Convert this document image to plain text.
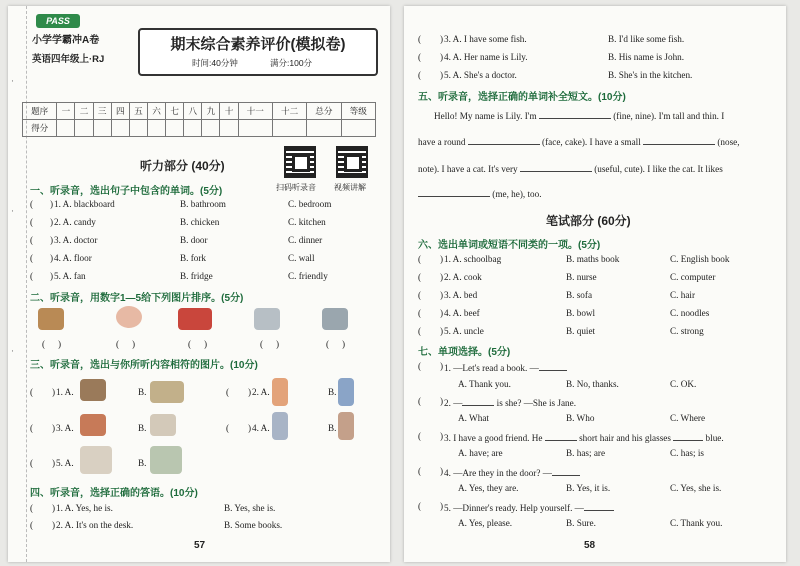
·
·
·
PASS
小学学霸冲A卷
英语四年级上·RJ
期末综合素养评价(模拟卷)
时间:40分钟	满分:100分
题序	一	二	三	四	五	六	七	八	九	十	十一	十二	总分	等级
得分														
听力部分 (40分)
扫码听录音 视频讲解
一、听录音，选出句子中包含的单词。(5分)
( ) 1. A. blackboard	B. bathroom	C. bedroom
( ) 2. A. candy	B. chicken	C. kitchen
( ) 3. A. doctor	B. door	C. dinner
( ) 4. A. floor	B. fork	C. wall
( ) 5. A. fan	B. fridge	C. friendly
二、听录音，用数字1—5给下列图片排序。(5分)
( )	( )	( )	( )	( )
三、听录音，选出与你所听内容相符的图片。(10分)
( ) 1. A.	B.	( ) 2. A.	B.
( ) 3. A.	B.	( ) 4. A.	B.
( ) 5. A.	B.
四、听录音，选择正确的答语。(10分)
( ) 1. A. Yes, he is.	B. Yes, she is.
( ) 2. A. It's on the desk.	B. Some books.
57
( ) 3. A. I have some fish.	B. I'd like some fish.
( ) 4. A. Her name is Lily.	B. His name is John.
( ) 5. A. She's a doctor.	B. She's in the kitchen.
五、听录音，选择正确的单词补全短文。(10分)
Hello! My name is Lily. I'm	(fine, nine). I'm tall and thin. I
have a round	(face, cake). I have a small	(nose,
note). I have a cat. It's very	(useful, cute). I like the cat. It likes
(me, he), too.
笔试部分 (60分)
六、选出单词或短语不同类的一项。(5分)
( ) 1. A. schoolbag	B. maths book	C. English book
( ) 2. A. cook	B. nurse	C. computer
( ) 3. A. bed	B. sofa	C. hair
( ) 4. A. beef	B. bowl	C. noodles
( ) 5. A. uncle	B. quiet	C. strong
七、单项选择。(5分)
( ) 1. —Let's read a book. —
A. Thank you.	B. No, thanks.	C. OK.
( ) 2. —	is she? —She is Jane.
A. What	B. Who	C. Where
( ) 3. I have a good friend. He	short hair and his glasses	blue.
A. have; are	B. has; are	C. has; is
( ) 4. —Are they in the door? —
A. Yes, they are.	B. Yes, it is.	C. Yes, she is.
( ) 5. —Dinner's ready. Help yourself. —
A. Yes, please.	B. Sure.	C. Thank you.
58
